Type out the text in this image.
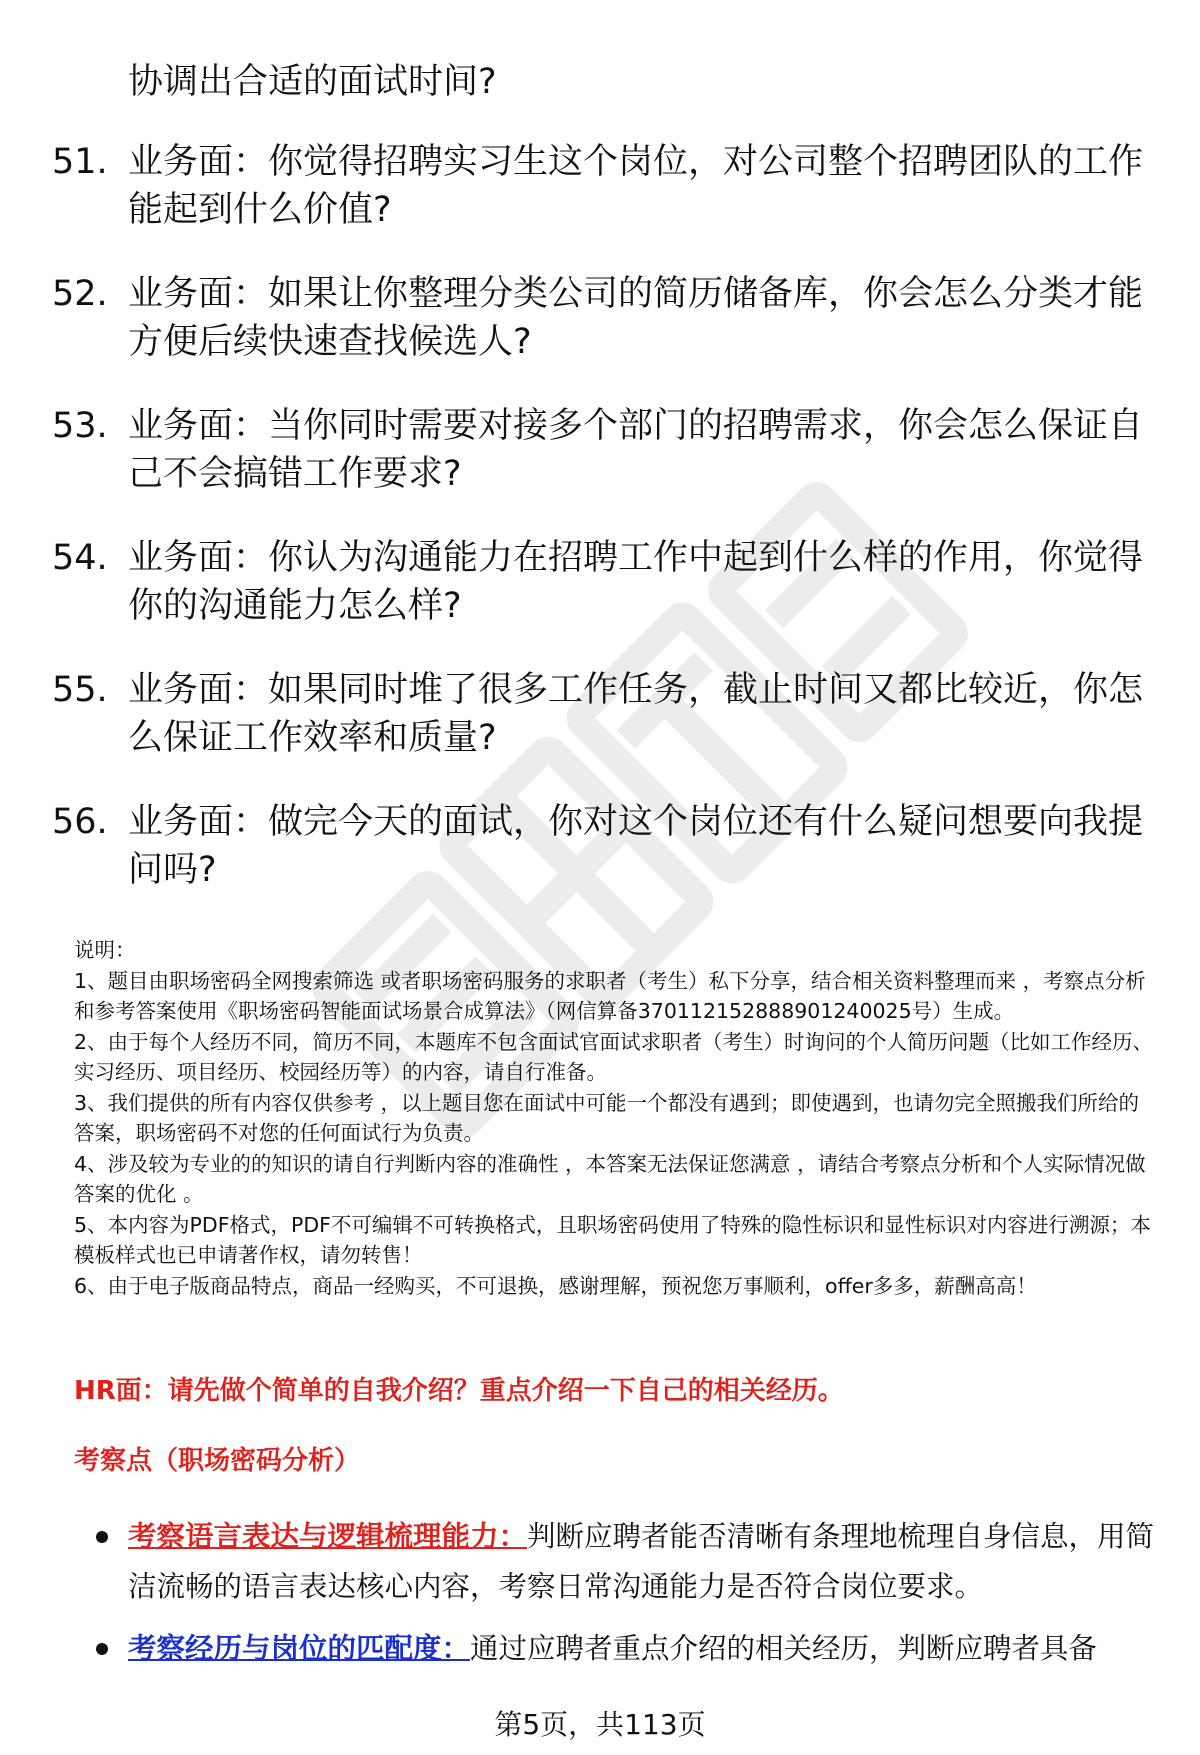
协调出合适的面试时间?
51. 业务面：你觉得招聘实习生这个岗位，对公司整个招聘团队的工作能起到什么价值?
52. 业务面：如果让你整理分类公司的简历储备库，你会怎么分类才能方便后续快速查找候选人?
53. 业务面：当你同时需要对接多个部门的招聘需求，你会怎么保证自己不会搞错工作要求?
54. 业务面：你认为沟通能力在招聘工作中起到什么样的作用，你觉得你的沟通能力怎么样?
55. 业务面：如果同时堆了很多工作任务，截止时间又都比较近，你怎么保证工作效率和质量?
56. 业务面：做完今天的面试，你对这个岗位还有什么疑问想要向我提问吗?

说明：

1、题目由职场密码全网搜索筛选 或者职场密码服务的求职者（考生）私下分享，结合相关资料整理而来 ，考察点分析和参考答案使用《职场密码智能面试场景合成算法》（网信算备370112152888901240025号）生成。

2、由于每个人经历不同，简历不同，本题库不包含面试官面试求职者（考生）时询问的个人简历问题（比如工作经历、实习经历、项目经历、校园经历等）的内容，请自行准备。

3、我们提供的所有内容仅供参考 ，以上题目您在面试中可能一个都没有遇到；即使遇到，也请勿完全照搬我们所给的答案，职场密码不对您的任何面试行为负责。

4、涉及较为专业的的知识的请自行判断内容的准确性 ，本答案无法保证您满意 ，请结合考察点分析和个人实际情况做答案的优化 。

5、本内容为PDF格式，PDF不可编辑不可转换格式，且职场密码使用了特殊的隐性标识和显性标识对内容进行溯源；本模板样式也已申请著作权，请勿转售！

6、由于电子版商品特点，商品一经购买，不可退换，感谢理解，预祝您万事顺利，offer多多，薪酬高高！

HR面：请先做个简单的自我介绍？重点介绍一下自己的相关经历。
考察点（职场密码分析）
考察语言表达与逻辑梳理能力：判断应聘者能否清晰有条理地梳理自身信息，用简洁流畅的语言表达核心内容，考察日常沟通能力是否符合岗位要求。
考察经历与岗位的匹配度：通过应聘者重点介绍的相关经历，判断应聘者具备
第5页，共113页
